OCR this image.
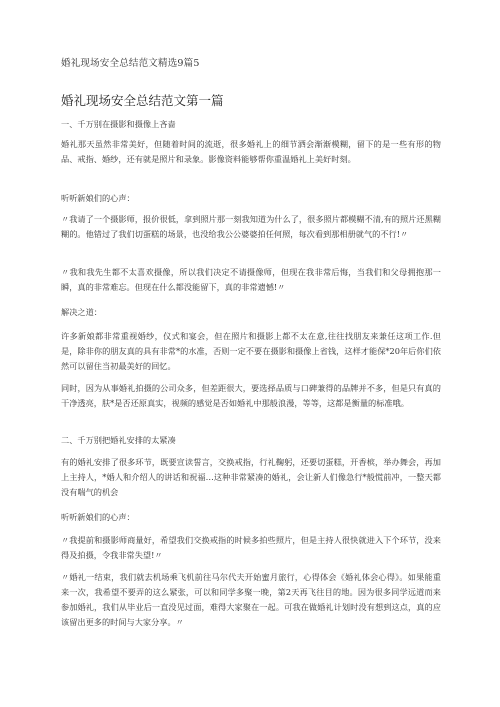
婚礼现场安全总结范文精选9篇5
婚礼现场安全总结范文第一篇
一、千万别在摄影和摄像上吝啬
婚礼那天虽然非常美好，但随着时间的流逝，很多婚礼上的细节洒会渐渐模糊，留下的是一些有形的物品、戒指、婚纱，还有就是照片和录象。影像资料能够帮你重温婚礼上美好时刻。
听听新娘们的心声：
〃我请了一个摄影师，报价很低，拿到照片那一刻我知道为什么了，很多照片都模糊不清,有的照片还黑糊糊的。他错过了我们切蛋糕的场景，也没给我公公婆婆拍任何照，每次看到那相册就气的不行!〃
〃我和我先生都不太喜欢摄像，所以我们决定不请摄像师，但现在我非常后悔，当我们和父母拥抱那一瞬，真的非常难忘。但现在什么都没能留下，真的非常遗憾!〃
解决之道：
许多新娘都非常重视婚纱，仪式和宴会，但在照片和摄影上都不太在意,往往找朋友来兼任这项工作.但是，除非你的朋友真的具有非常*的水准，否则一定不要在摄影和摄像上省钱，这样才能保*20年后你们依然可以留住当初最美好的回忆。
同时，因为从事婚礼拍摄的公司众多，但差距很大，要选择品质与口碑兼得的品牌并不多，但是只有真的干净透亮，肤*是否还原真实，视频的感觉是否如婚礼中那般浪漫，等等，这都是衡量的标准哦。
二、千万别把婚礼安排的太紧凑
有的婚礼安排了很多环节，既要宣读誓言，交换戒指，行礼鞠躬，还要切蛋糕，开香槟，举办舞会，再加上主持人，*婚人和介绍人的讲话和祝福…这种非常紧凑的婚礼，会让新人们像急行*般慌前冲，一整天都没有喘气的机会
听听新娘们的心声：
〃我提前和摄影师商量好，希望我们交换戒指的时候多拍些照片，但是主持人很快就进入下个环节，没来得及拍摄，令我非常失望!〃
〃婚礼一结束，我们就去机场乘飞机前往马尔代夫开始蜜月旅行，心得体会《婚礼体会心得》。如果能重来一次，我希望不要弄的这么紧张，可以和同学多聚一晚，第2天再飞往目的地。因为很多同学远道而来参加婚礼，我们从毕业后一直没见过面，难得大家聚在一起。可我在做婚礼计划时没有想到这点，真的应该留出更多的时间与大家分享。〃
